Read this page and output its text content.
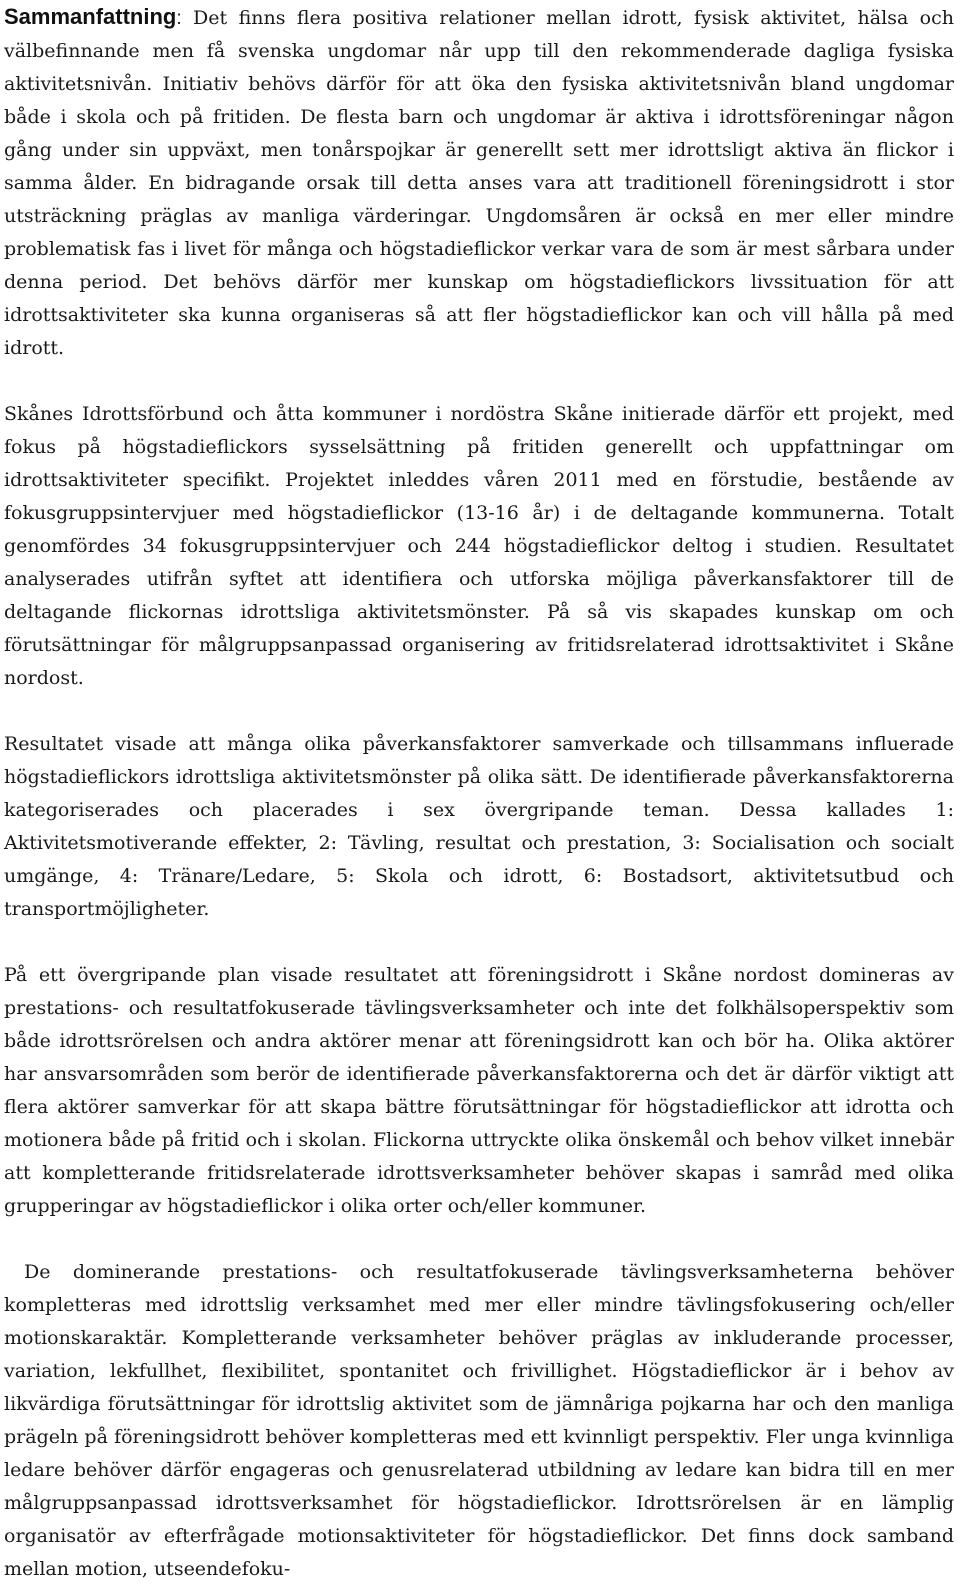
Sammanfattning: Det finns flera positiva relationer mellan idrott, fysisk aktivitet, hälsa och välbefinnande men få svenska ungdomar når upp till den rekommenderade dagliga fysiska aktivitetsnivån. Initiativ behövs därför för att öka den fysiska aktivitetsnivån bland ungdomar både i skola och på fritiden. De flesta barn och ungdomar är aktiva i idrottsföreningar någon gång under sin uppväxt, men tonårspojkar är generellt sett mer idrottsligt aktiva än flickor i samma ålder. En bidragande orsak till detta anses vara att traditionell föreningsidrott i stor utsträckning präglas av manliga värderingar. Ungdomsåren är också en mer eller mindre problematisk fas i livet för många och högstadieflickor verkar vara de som är mest sårbara under denna period. Det behövs därför mer kunskap om högstadieflickors livssituation för att idrottsaktiviteter ska kunna organiseras så att fler högstadieflickor kan och vill hålla på med idrott.

Skånes Idrottsförbund och åtta kommuner i nordöstra Skåne initierade därför ett projekt, med fokus på högstadieflickors sysselsättning på fritiden generellt och uppfattningar om idrottsaktiviteter specifikt. Projektet inleddes våren 2011 med en förstudie, bestående av fokusgruppsintervjuer med högstadieflickor (13-16 år) i de deltagande kommunerna. Totalt genomfördes 34 fokusgruppsintervjuer och 244 högstadieflickor deltog i studien. Resultatet analyserades utifrån syftet att identifiera och utforska möjliga påverkansfaktorer till de deltagande flickornas idrottsliga aktivitetsmönster. På så vis skapades kunskap om och förutsättningar för målgruppsanpassad organisering av fritidsrelaterad idrottsaktivitet i Skåne nordost.

Resultatet visade att många olika påverkansfaktorer samverkade och tillsammans influerade högstadieflickors idrottsliga aktivitetsmönster på olika sätt. De identifierade påverkansfaktorerna kategoriserades och placerades i sex övergripande teman. Dessa kallades 1: Aktivitetsmotiverande effekter, 2: Tävling, resultat och prestation, 3: Socialisation och socialt umgänge, 4: Tränare/Ledare, 5: Skola och idrott, 6: Bostadsort, aktivitetsutbud och transportmöjligheter.

På ett övergripande plan visade resultatet att föreningsidrott i Skåne nordost domineras av prestations- och resultatfokuserade tävlingsverksamheter och inte det folkhälsoperspektiv som både idrottsrörelsen och andra aktörer menar att föreningsidrott kan och bör ha. Olika aktörer har ansvarsområden som berör de identifierade påverkansfaktorerna och det är därför viktigt att flera aktörer samverkar för att skapa bättre förutsättningar för högstadieflickor att idrotta och motionera både på fritid och i skolan. Flickorna uttryckte olika önskemål och behov vilket innebär att kompletterande fritidsrelaterade idrottsverksamheter behöver skapas i samråd med olika grupperingar av högstadieflickor i olika orter och/eller kommuner.

De dominerande prestations- och resultatfokuserade tävlingsverksamheterna behöver kompletteras med idrottslig verksamhet med mer eller mindre tävlingsfokusering och/eller motionskaraktär. Kompletterande verksamheter behöver präglas av inkluderande processer, variation, lekfullhet, flexibilitet, spontanitet och frivillighet. Högstadieflickor är i behov av likvärdiga förutsättningar för idrottslig aktivitet som de jämnåriga pojkarna har och den manliga prägeln på föreningsidrott behöver kompletteras med ett kvinnligt perspektiv. Fler unga kvinnliga ledare behöver därför engageras och genusrelaterad utbildning av ledare kan bidra till en mer målgruppsanpassad idrottsverksamhet för högstadieflickor. Idrottsrörelsen är en lämplig organisatör av efterfrågade motionsaktiviteter för högstadieflickor. Det finns dock samband mellan motion, utseendefoku-
